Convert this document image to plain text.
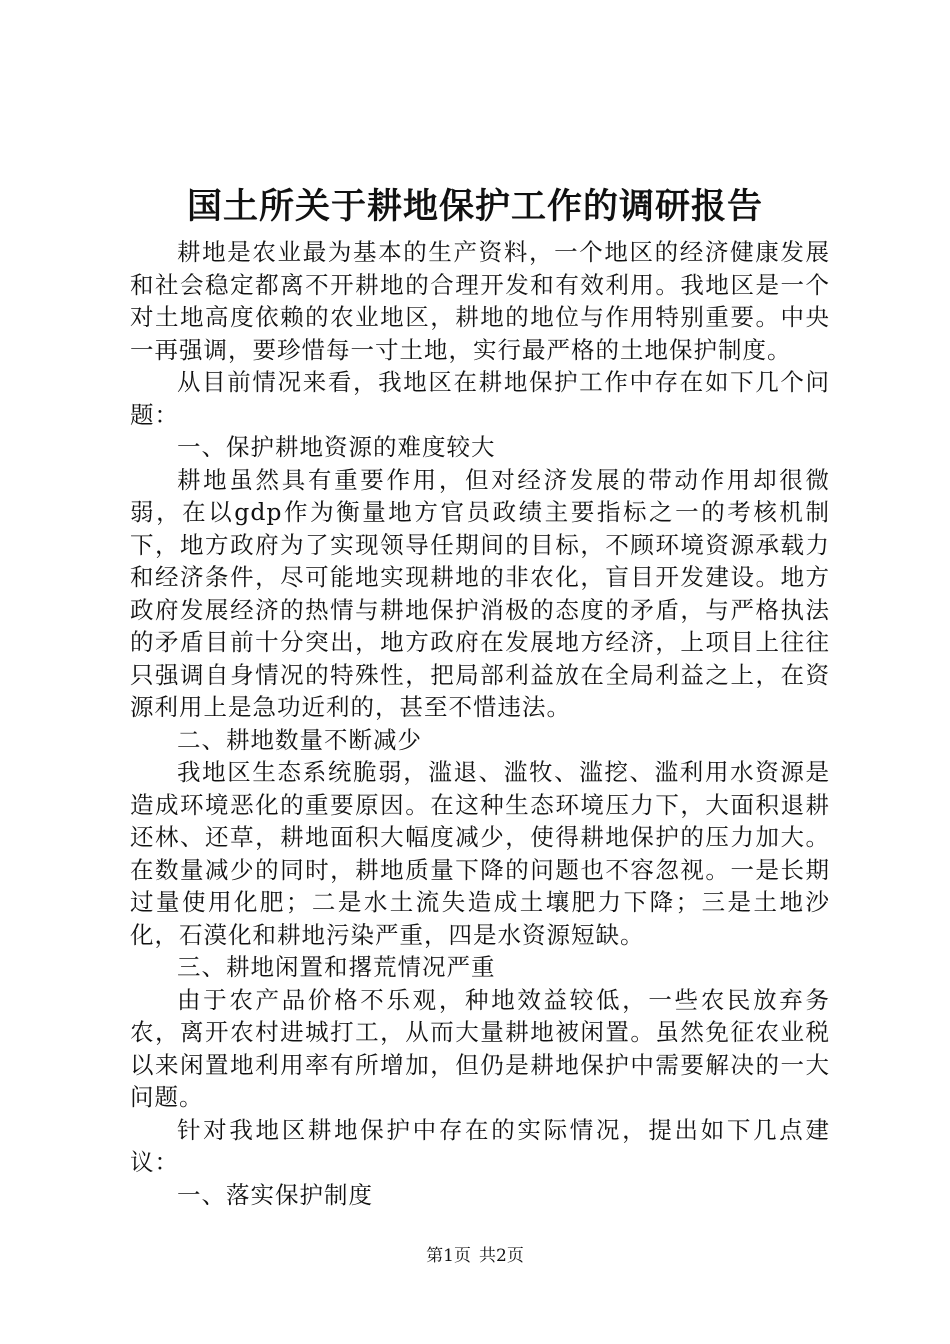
国土所关于耕地保护工作的调研报告

耕地是农业最为基本的生产资料，一个地区的经济健康发展和社会稳定都离不开耕地的合理开发和有效利用。我地区是一个对土地高度依赖的农业地区，耕地的地位与作用特别重要。中央一再强调，要珍惜每一寸土地，实行最严格的土地保护制度。

从目前情况来看，我地区在耕地保护工作中存在如下几个问题：

一、保护耕地资源的难度较大

耕地虽然具有重要作用，但对经济发展的带动作用却很微弱，在以gdp作为衡量地方官员政绩主要指标之一的考核机制下，地方政府为了实现领导任期间的目标，不顾环境资源承载力和经济条件，尽可能地实现耕地的非农化，盲目开发建设。地方政府发展经济的热情与耕地保护消极的态度的矛盾，与严格执法的矛盾目前十分突出，地方政府在发展地方经济，上项目上往往只强调自身情况的特殊性，把局部利益放在全局利益之上，在资源利用上是急功近利的，甚至不惜违法。

二、耕地数量不断减少

我地区生态系统脆弱，滥退、滥牧、滥挖、滥利用水资源是造成环境恶化的重要原因。在这种生态环境压力下，大面积退耕还林、还草，耕地面积大幅度减少，使得耕地保护的压力加大。在数量减少的同时，耕地质量下降的问题也不容忽视。一是长期过量使用化肥；二是水土流失造成土壤肥力下降；三是土地沙化，石漠化和耕地污染严重，四是水资源短缺。

三、耕地闲置和撂荒情况严重

由于农产品价格不乐观，种地效益较低，一些农民放弃务农，离开农村进城打工，从而大量耕地被闲置。虽然免征农业税以来闲置地利用率有所增加，但仍是耕地保护中需要解决的一大问题。

针对我地区耕地保护中存在的实际情况，提出如下几点建议：

一、落实保护制度

第1页 共2页
